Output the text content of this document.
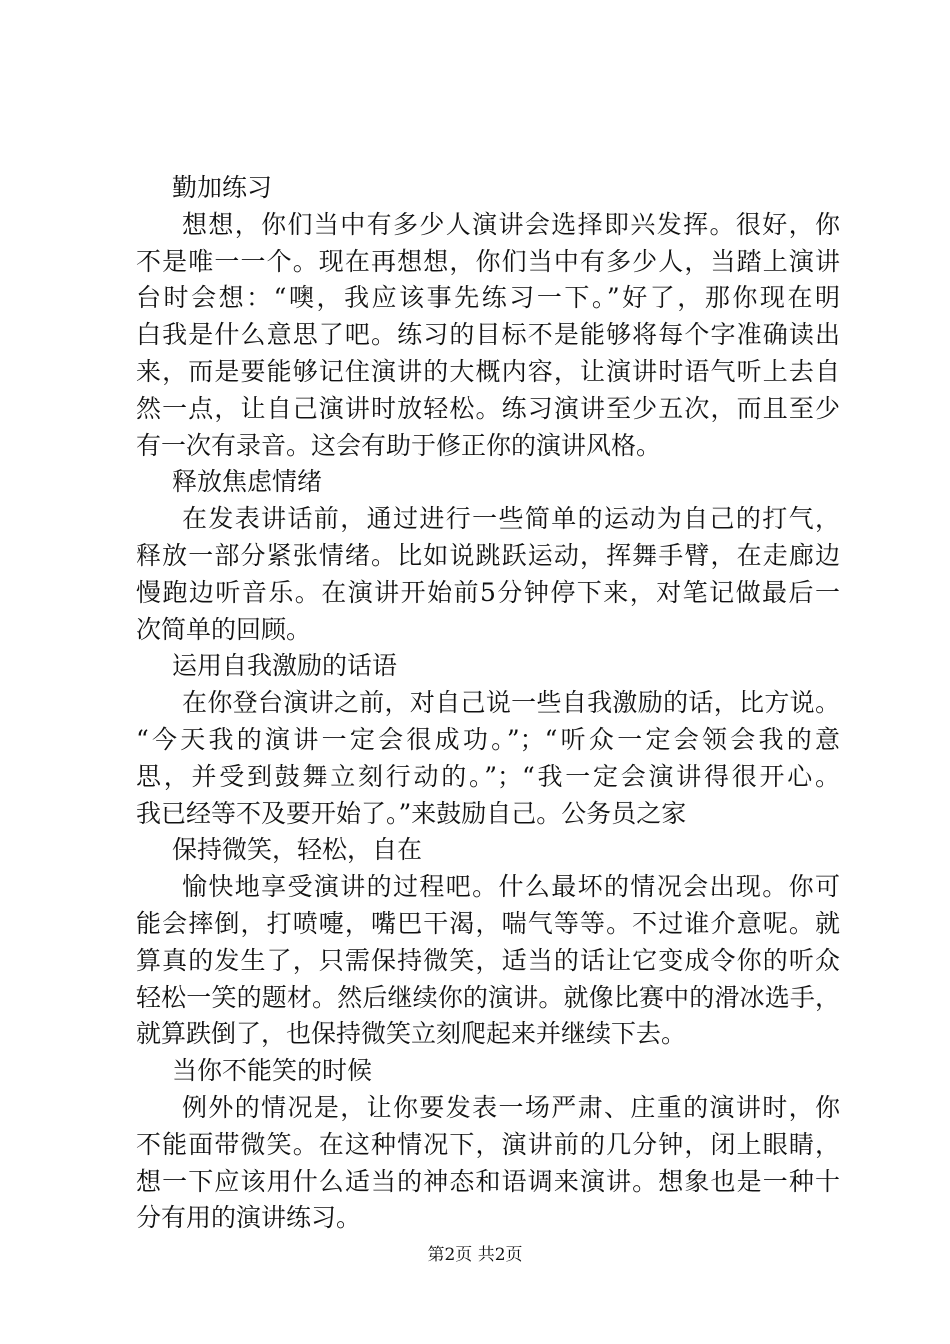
勤加练习
想想，你们当中有多少人演讲会选择即兴发挥。很好，你
不是唯一一个。现在再想想，你们当中有多少人，当踏上演讲
台时会想：“噢，我应该事先练习一下。”好了，那你现在明
白我是什么意思了吧。练习的目标不是能够将每个字准确读出
来，而是要能够记住演讲的大概内容，让演讲时语气听上去自
然一点，让自己演讲时放轻松。练习演讲至少五次，而且至少
有一次有录音。这会有助于修正你的演讲风格。
释放焦虑情绪
在发表讲话前，通过进行一些简单的运动为自己的打气，
释放一部分紧张情绪。比如说跳跃运动，挥舞手臂，在走廊边
慢跑边听音乐。在演讲开始前5分钟停下来，对笔记做最后一
次简单的回顾。
运用自我激励的话语
在你登台演讲之前，对自己说一些自我激励的话，比方说。
“今天我的演讲一定会很成功。”；“听众一定会领会我的意
思，并受到鼓舞立刻行动的。”；“我一定会演讲得很开心。
我已经等不及要开始了。”来鼓励自己。公务员之家
保持微笑，轻松，自在
愉快地享受演讲的过程吧。什么最坏的情况会出现。你可
能会摔倒，打喷嚏，嘴巴干渴，喘气等等。不过谁介意呢。就
算真的发生了，只需保持微笑，适当的话让它变成令你的听众
轻松一笑的题材。然后继续你的演讲。就像比赛中的滑冰选手，
就算跌倒了，也保持微笑立刻爬起来并继续下去。
当你不能笑的时候
例外的情况是，让你要发表一场严肃、庄重的演讲时，你
不能面带微笑。在这种情况下，演讲前的几分钟，闭上眼睛，
想一下应该用什么适当的神态和语调来演讲。想象也是一种十
分有用的演讲练习。
第2页 共2页
